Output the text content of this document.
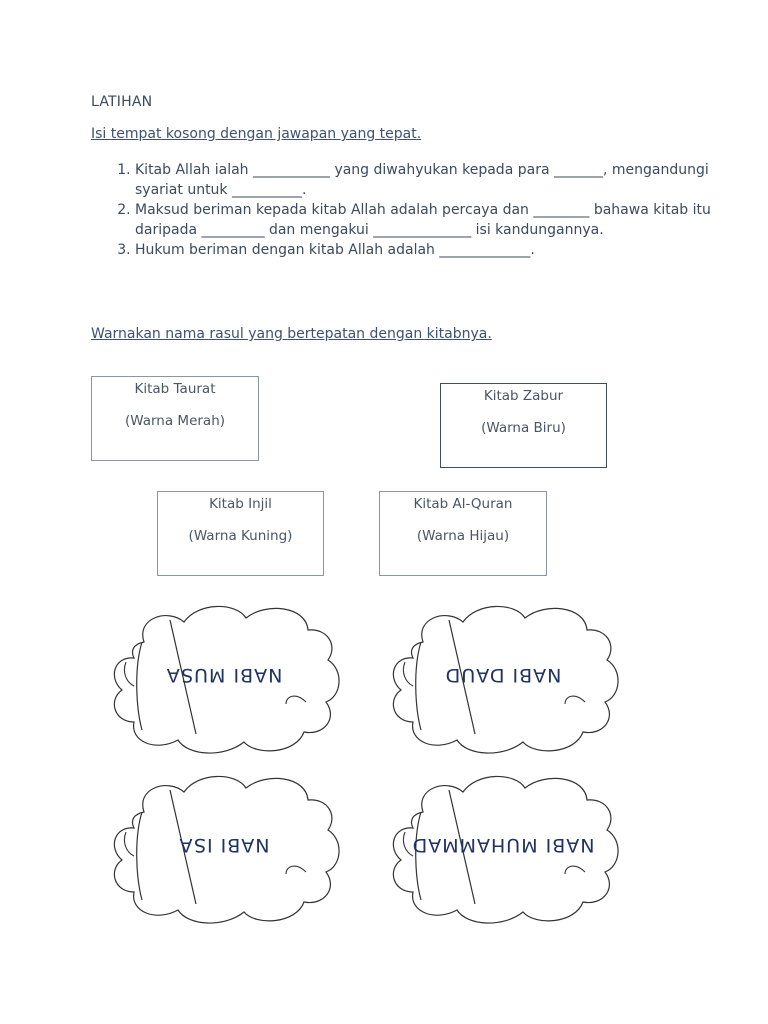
LATIHAN
Isi tempat kosong dengan jawapan yang tepat.
1. Kitab Allah ialah ___________ yang diwahyukan kepada para _______, mengandungi syariat untuk __________.
2. Maksud beriman kepada kitab Allah adalah percaya dan ________ bahawa kitab itu daripada _________ dan mengakui ______________ isi kandungannya.
3. Hukum beriman dengan kitab Allah adalah _____________.
Warnakan nama rasul yang bertepatan dengan kitabnya.
Kitab Taurat
(Warna Merah)
Kitab Zabur
(Warna Biru)
Kitab Injil
(Warna Kuning)
Kitab Al-Quran
(Warna Hijau)
NABI MUSA	NABI DAUD
NABI ISA	NABI MUHAMMAD
